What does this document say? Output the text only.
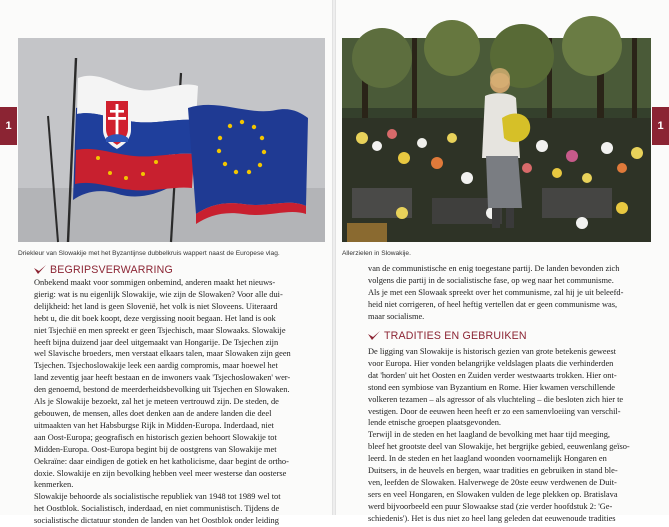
1
Driekleur van Slowakije met het Byzantijnse dubbelkruis wappert naast de Europese vlag.
BEGRIPSVERWARRING
Onbekend maakt voor sommigen onbemind, anderen maakt het nieuws-
gierig: wat is nu eigenlijk Slowakije, wie zijn de Slowaken? Voor alle dui-
delijkheid: het land is geen Slovenië, het volk is niet Sloveens. Uiteraard
hebt u, die dit boek koopt, deze vergissing nooit begaan. Het land is ook
niet Tsjechië en men spreekt er geen Tsjechisch, maar Slowaaks. Slowakije
heeft bijna duizend jaar deel uitgemaakt van Hongarije. De Tsjechen zijn
wel Slavische broeders, men verstaat elkaars talen, maar Slowaken zijn geen
Tsjechen. Tsjechoslowakije leek een aardig compromis, maar hoewel het
land zeventig jaar heeft bestaan en de inwoners vaak 'Tsjechoslowaken' wer-
den genoemd, bestond de meerderheidsbevolking uit Tsjechen en Slowaken.
Als je Slowakije bezoekt, zal het je meteen vertrouwd zijn. De steden, de
gebouwen, de mensen, alles doet denken aan de andere landen die deel
uitmaakten van het Habsburgse Rijk in Midden-Europa. Inderdaad, niet
aan Oost-Europa; geografisch en historisch gezien behoort Slowakije tot
Midden-Europa. Oost-Europa begint bij de oostgrens van Slowakije met
Oekraïne: daar eindigen de gotiek en het katholicisme, daar begint de ortho-
doxie. Slowakije en zijn bevolking hebben veel meer westerse dan oosterse
kenmerken.
Slowakije behoorde als socialistische republiek van 1948 tot 1989 wel tot
het Oostblok. Socialistisch, inderdaad, en niet communistisch. Tijdens de
socialistische dictatuur stonden de landen van het Oostblok onder leiding
Allerzielen in Slowakije.
van de communistische en enig toegestane partij. De landen bevonden zich
volgens die partij in de socialistische fase, op weg naar het communisme.
Als je met een Slowaak spreekt over het communisme, zal hij je uit beleefd-
heid niet corrigeren, of heel heftig vertellen dat er geen communisme was,
maar socialisme.
TRADITIES EN GEBRUIKEN
De ligging van Slowakije is historisch gezien van grote betekenis geweest
voor Europa. Hier vonden belangrijke veldslagen plaats die verhinderden
dat 'horden' uit het Oosten en Zuiden verder westwaarts trokken. Hier ont-
stond een symbiose van Byzantium en Rome. Hier kwamen verschillende
volkeren tezamen – als agressor of als vluchteling – die besloten zich hier te
vestigen. Door de eeuwen heen heeft er zo een samenvloeiing van verschil-
lende etnische groepen plaatsgevonden.
Terwijl in de steden en het laagland de bevolking met haar tijd meeging,
bleef het grootste deel van Slowakije, het bergrijke gebied, eeuwenlang geïso-
leerd. In de steden en het laagland woonden voornamelijk Hongaren en
Duitsers, in de heuvels en bergen, waar tradities en gebruiken in stand ble-
ven, leefden de Slowaken. Halverwege de 20ste eeuw verdwenen de Duit-
sers en veel Hongaren, en Slowaken vulden de lege plekken op. Bratislava
werd bijvoorbeeld een puur Slowaakse stad (zie verder hoofdstuk 2: 'Ge-
schiedenis'). Het is dus niet zo heel lang geleden dat eeuwenoude tradities
1
